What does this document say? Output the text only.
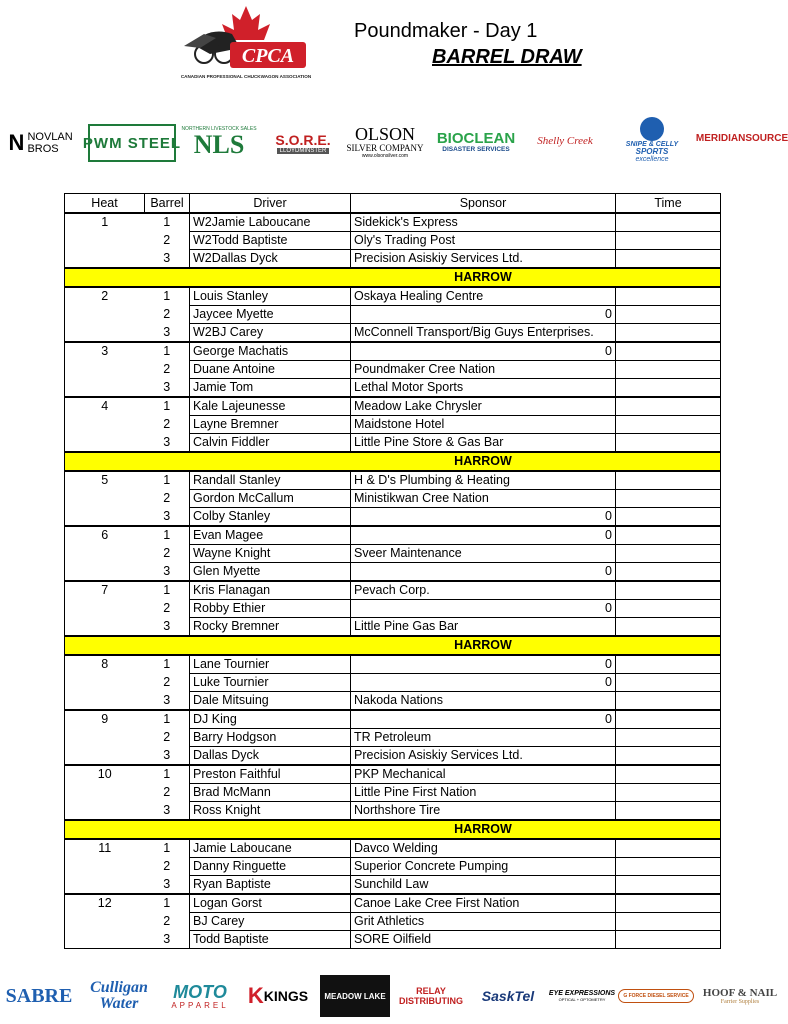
CPCA
CANADIAN PROFESSIONAL CHUCKWAGON ASSOCIATION
Poundmaker - Day 1
BARREL DRAW
N NOVLAN BROS	PWM STEEL
NORTHERN LIVESTOCK SALES
NLS S.O.R.E.
LLOYDMINSTER
OLSON
SILVER COMPANY
www.olsonsilver.com
BIOCLEAN
DISASTER SERVICES
Shelly Creek	SNIPE & CELLY
SPORTS
excellence
MERIDIANSOURCE
Heat	Barrel	Driver	Sponsor	Time
1	1	W2Jamie Laboucane	Sidekick's Express	
	2	W2Todd Baptiste	Oly's Trading Post	
	3	W2Dallas Dyck	Precision Asiskiy Services Ltd.	
			HARROW	
2	1	Louis Stanley	Oskaya Healing Centre	
	2	Jaycee Myette	0	
	3	W2BJ Carey	McConnell Transport/Big Guys Enterprises.	
3	1	George Machatis	0	
	2	Duane Antoine	Poundmaker Cree Nation	
	3	Jamie Tom	Lethal Motor Sports	
4	1	Kale Lajeunesse	Meadow Lake Chrysler	
	2	Layne Bremner	Maidstone Hotel	
	3	Calvin Fiddler	Little Pine Store & Gas Bar	
			HARROW	
5	1	Randall Stanley	H & D's Plumbing & Heating	
	2	Gordon McCallum	Ministikwan Cree Nation	
	3	Colby Stanley	0	
6	1	Evan Magee	0	
	2	Wayne Knight	Sveer Maintenance	
	3	Glen Myette	0	
7	1	Kris Flanagan	Pevach Corp.	
	2	Robby Ethier	0	
	3	Rocky Bremner	Little Pine Gas Bar	
			HARROW	
8	1	Lane Tournier	0	
	2	Luke Tournier	0	
	3	Dale Mitsuing	Nakoda Nations	
9	1	DJ King	0	
	2	Barry Hodgson	TR Petroleum	
	3	Dallas Dyck	Precision Asiskiy Services Ltd.	
10	1	Preston Faithful	PKP Mechanical	
	2	Brad McMann	Little Pine First Nation	
	3	Ross Knight	Northshore Tire	
			HARROW	
11	1	Jamie Laboucane	Davco Welding	
	2	Danny Ringuette	Superior Concrete Pumping	
	3	Ryan Baptiste	Sunchild Law	
12	1	Logan Gorst	Canoe Lake Cree First Nation	
	2	BJ Carey	Grit Athletics	
	3	Todd Baptiste	SORE Oilfield	
SABRE	Culligan Water
MOTO
APPAREL K KINGS MEADOW LAKE	RELAY DISTRIBUTING SaskTel EYE EXPRESSIONS
OPTICAL + OPTOMETRY
G FORCE DIESEL SERVICE	HOOF & NAIL
Farrier Supplies
